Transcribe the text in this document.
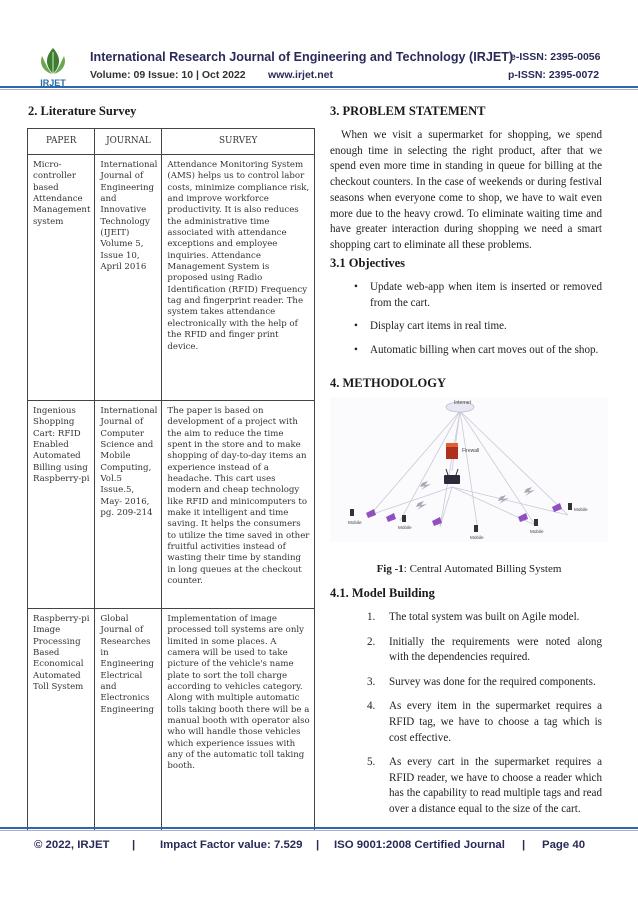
IRJET
International Research Journal of Engineering and Technology (IRJET)
e-ISSN: 2395-0056
Volume: 09 Issue: 10 | Oct 2022 www.irjet.net	p-ISSN: 2395-0072
2. Literature Survey
PAPER	JOURNAL	SURVEY
Micro-controller based Attendance Management system	International Journal of Engineering and Innovative Technology (IJEIT) Volume 5, Issue 10, April 2016	Attendance Monitoring System (AMS) helps us to control labor costs, minimize compliance risk, and improve workforce productivity. It is also reduces the administrative time associated with attendance exceptions and employee inquiries. Attendance Management System is proposed using Radio Identification (RFID) Frequency tag and fingerprint reader. The system takes attendance electronically with the help of the RFID and finger print device.
Ingenious Shopping Cart: RFID Enabled Automated Billing using Raspberry-pi	International Journal of Computer Science and Mobile Computing, Vol.5 Issue.5, May- 2016, pg. 209-214	The paper is based on development of a project with the aim to reduce the time spent in the store and to make shopping of day-to-day items an experience instead of a headache. This cart uses modern and cheap technology like RFID and minicomputers to make it intelligent and time saving. It helps the consumers to utilize the time saved in other fruitful activities instead of wasting their time by standing in long queues at the checkout counter.
Raspberry-pi Image Processing Based Economical Automated Toll System	Global Journal of Researches in Engineering Electrical and Electronics Engineering	Implementation of image processed toll systems are only limited in some places. A camera will be used to take picture of the vehicle's name plate to sort the toll charge according to vehicles category. Along with multiple automatic tolls taking booth there will be a manual booth with operator also who will handle those vehicles which experience issues with any of the automatic toll taking booth.
3. PROBLEM STATEMENT
When we visit a supermarket for shopping, we spend enough time in selecting the right product, after that we spend even more time in standing in queue for billing at the checkout counters. In the case of weekends or during festival seasons when everyone come to shop, we have to wait even more due to the heavy crowd. To eliminate waiting time and have greater interaction during shopping we need a smart shopping cart to eliminate all these problems.
3.1 Objectives
• Update web-app when item is inserted or removed from the cart.
• Display cart items in real time.
• Automatic billing when cart moves out of the shop.
4. METHODOLOGY
Internet
Firewall
Mobile
Mobile
Mobile
Mobile
Mobile
Fig -1: Central Automated Billing System
4.1. Model Building
1. The total system was built on Agile model.
2. Initially the requirements were noted along with the dependencies required.
3. Survey was done for the required components.
4. As every item in the supermarket requires a RFID tag, we have to choose a tag which is cost effective.
5. As every cart in the supermarket requires a RFID reader, we have to choose a reader which has the capability to read multiple tags and read over a distance equal to the size of the cart.
© 2022, IRJET | Impact Factor value: 7.529 | ISO 9001:2008 Certified Journal | Page 40
